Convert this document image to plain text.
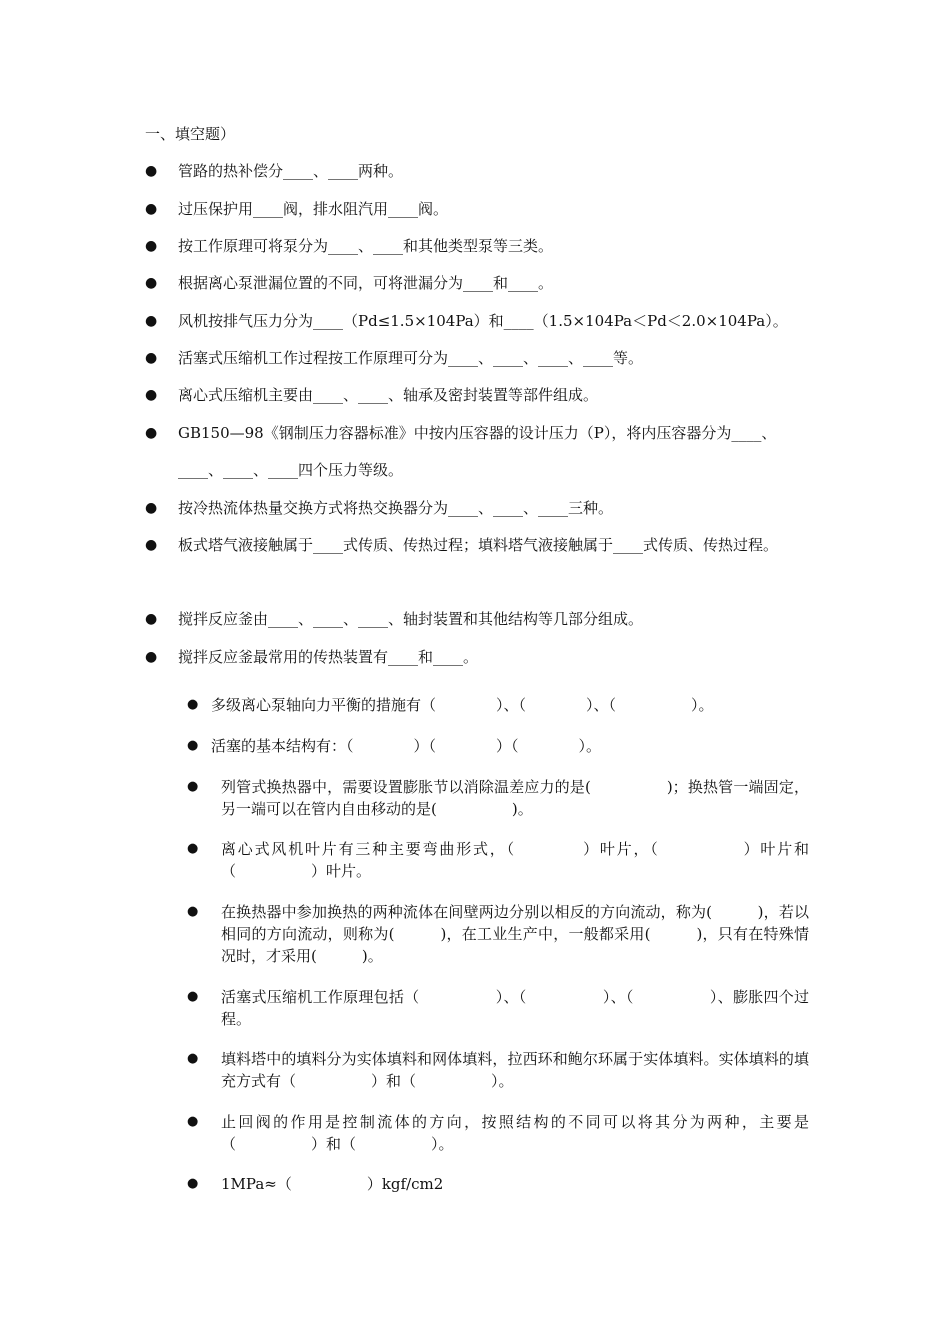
一、填空题）
●	管路的热补偿分____、____两种。
●	过压保护用____阀，排水阻汽用____阀。
●	按工作原理可将泵分为____、____和其他类型泵等三类。
●	根据离心泵泄漏位置的不同，可将泄漏分为____和____。
●	风机按排气压力分为____（Pd≤1.5×104Pa）和____（1.5×104Pa＜Pd＜2.0×104Pa）。
●	活塞式压缩机工作过程按工作原理可分为____、____、____、____等。
●	离心式压缩机主要由____、____、轴承及密封装置等部件组成。
●	GB150—98《钢制压力容器标准》中按内压容器的设计压力（P），将内压容器分为____、____、____、____四个压力等级。
●	按冷热流体热量交换方式将热交换器分为____、____、____三种。
●	板式塔气液接触属于____式传质、传热过程；填料塔气液接触属于____式传质、传热过程。
●	搅拌反应釜由____、____、____、轴封装置和其他结构等几部分组成。
●	搅拌反应釜最常用的传热装置有____和____。
● 多级离心泵轴向力平衡的措施有（　　　　）、（　　　　）、（　　　　　）。
● 活塞的基本结构有：（　　　　）（　　　　）（　　　　）。
●	列管式换热器中，需要设置膨胀节以消除温差应力的是(　　　　　)；换热管一端固定，另一端可以在管内自由移动的是(　　　　　)。
●	离心式风机叶片有三种主要弯曲形式，（　　　　）叶片，（　　　　　）叶片和（　　　　　）叶片。
●	在换热器中参加换热的两种流体在间壁两边分别以相反的方向流动，称为(　　　)，若以相同的方向流动，则称为(　　　)，在工业生产中，一般都采用(　　　)，只有在特殊情况时，才采用(　　　)。
●	活塞式压缩机工作原理包括（　　　　　）、（　　　　　）、（　　　　　）、膨胀四个过程。
●	填料塔中的填料分为实体填料和网体填料，拉西环和鲍尔环属于实体填料。实体填料的填充方式有（　　　　　）和（　　　　　）。
●	止回阀的作用是控制流体的方向，按照结构的不同可以将其分为两种，主要是（　　　　　）和（　　　　　）。
●	1MPa≈（　　　　　）kgf/cm2
